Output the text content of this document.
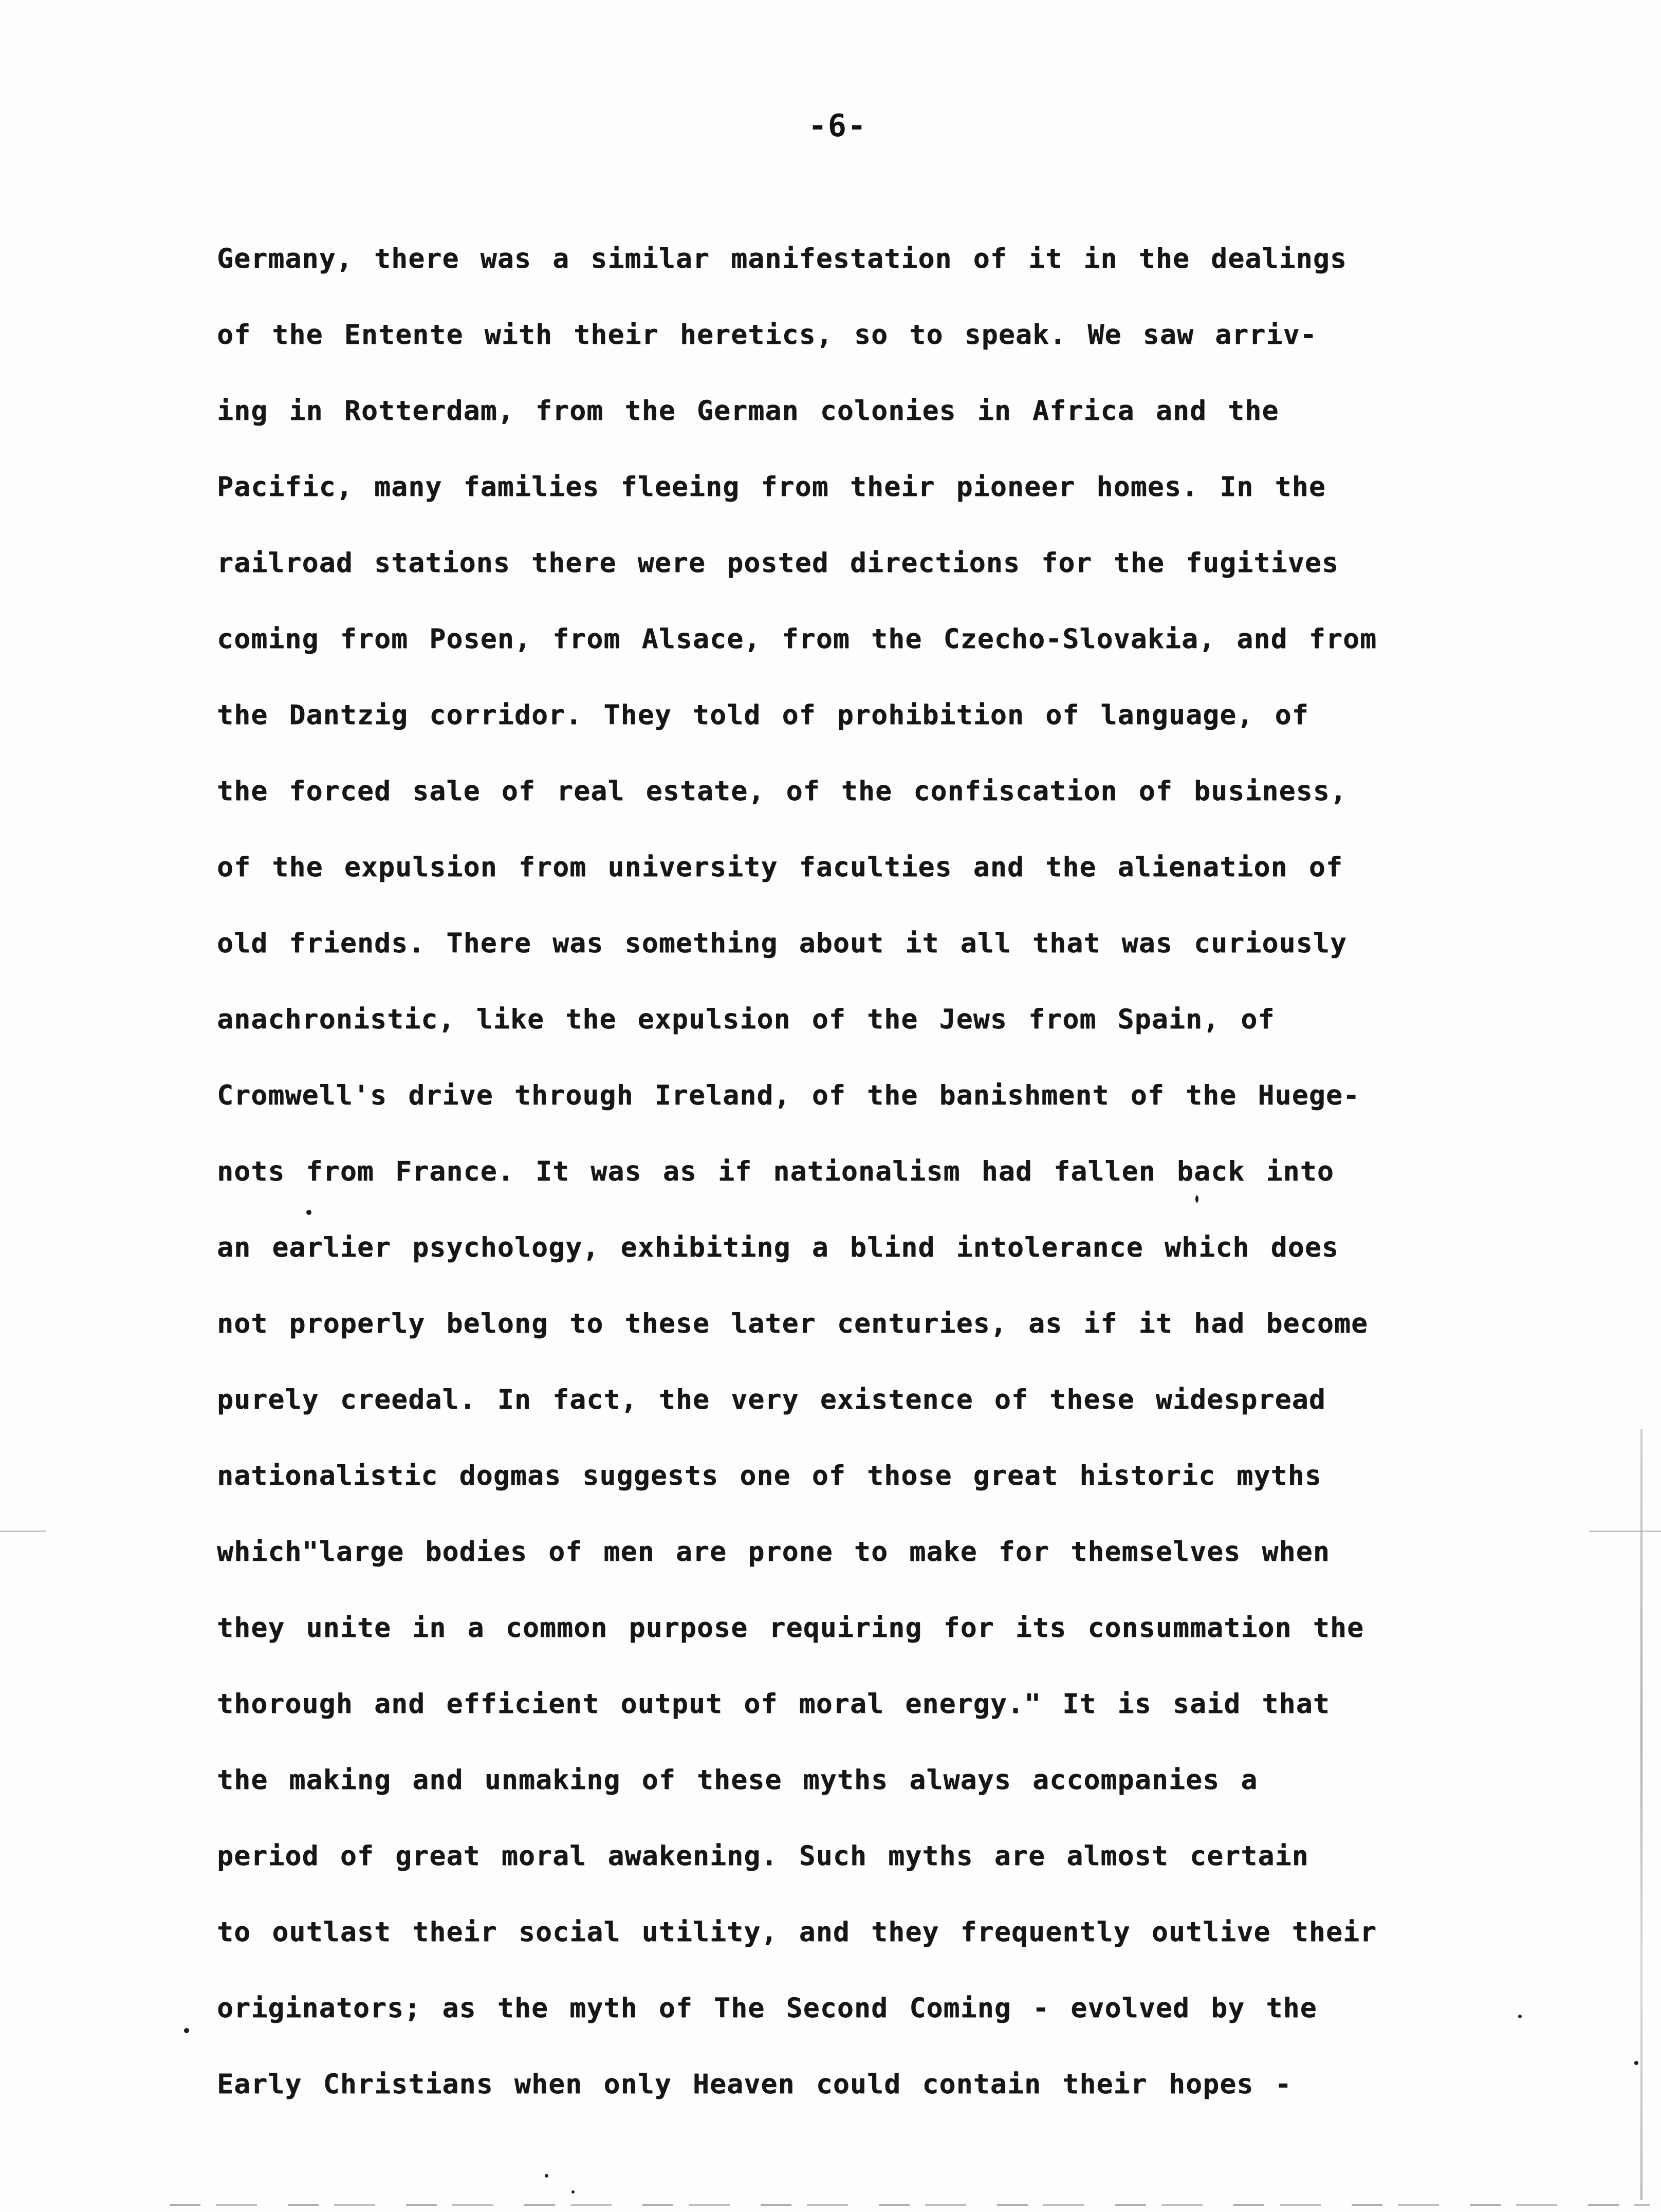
-6-
Germany, there was a similar manifestation of it in the dealings
of the Entente with their heretics, so to speak. We saw arriv-
ing in Rotterdam, from the German colonies in Africa and the
Pacific, many families fleeing from their pioneer homes. In the
railroad stations there were posted directions for the fugitives
coming from Posen, from Alsace, from the Czecho-Slovakia, and from
the Dantzig corridor. They told of prohibition of language, of
the forced sale of real estate, of the confiscation of business,
of the expulsion from university faculties and the alienation of
old friends. There was something about it all that was curiously
anachronistic, like the expulsion of the Jews from Spain, of
Cromwell's drive through Ireland, of the banishment of the Huege-
nots from France. It was as if nationalism had fallen back into
an earlier psychology, exhibiting a blind intolerance which does
not properly belong to these later centuries, as if it had become
purely creedal. In fact, the very existence of these widespread
nationalistic dogmas suggests one of those great historic myths
which"large bodies of men are prone to make for themselves when
they unite in a common purpose requiring for its consummation the
thorough and efficient output of moral energy." It is said that
the making and unmaking of these myths always accompanies a
period of great moral awakening. Such myths are almost certain
to outlast their social utility, and they frequently outlive their
originators; as the myth of The Second Coming - evolved by the
Early Christians when only Heaven could contain their hopes -
